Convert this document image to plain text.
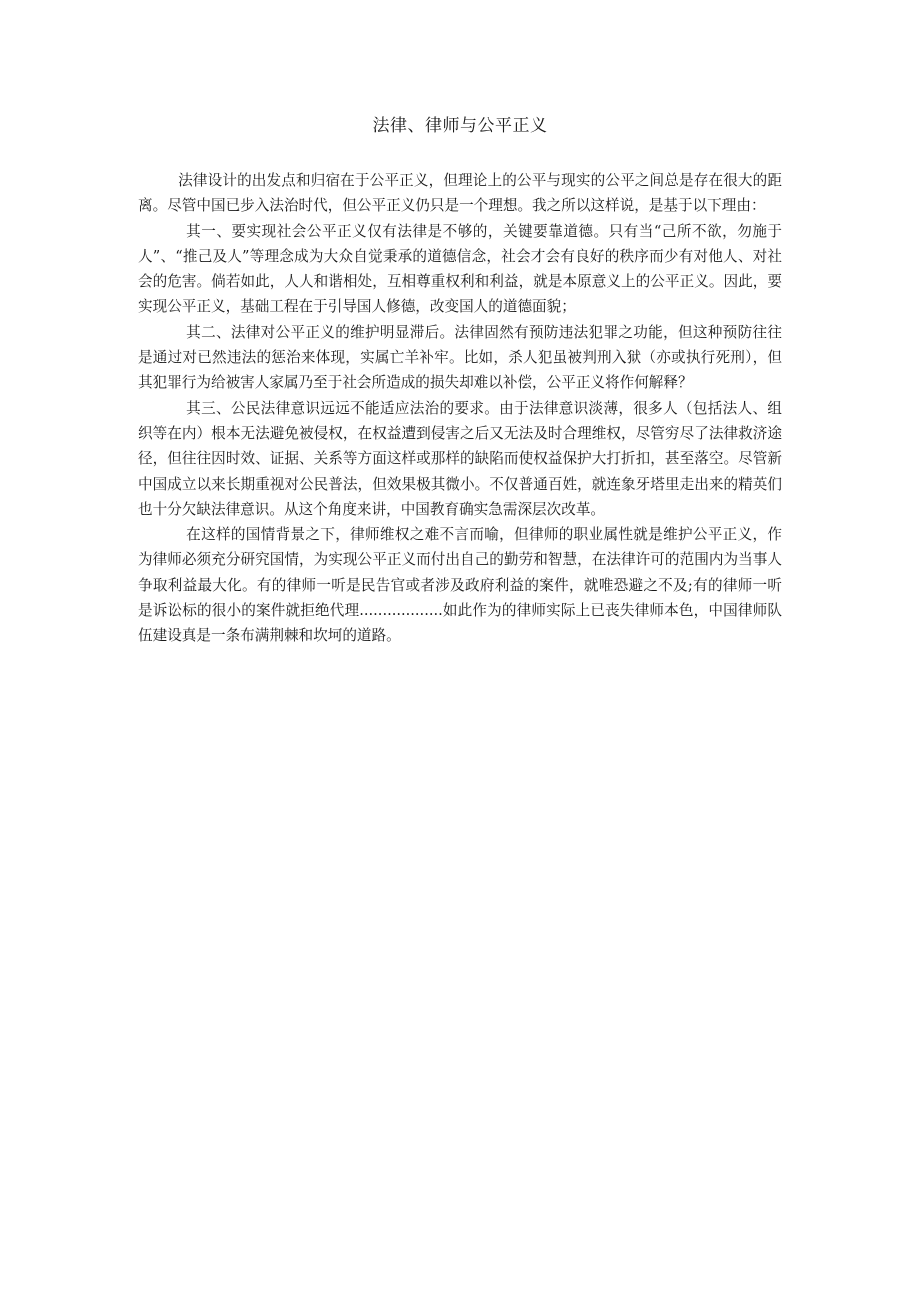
法律、律师与公平正义

法律设计的出发点和归宿在于公平正义，但理论上的公平与现实的公平之间总是存在很大的距离。尽管中国已步入法治时代，但公平正义仍只是一个理想。我之所以这样说，是基于以下理由：

其一、要实现社会公平正义仅有法律是不够的，关键要靠道德。只有当“己所不欲，勿施于人”、“推己及人”等理念成为大众自觉秉承的道德信念，社会才会有良好的秩序而少有对他人、对社会的危害。倘若如此，人人和谐相处，互相尊重权利和利益，就是本原意义上的公平正义。因此，要实现公平正义，基础工程在于引导国人修德，改变国人的道德面貌；

其二、法律对公平正义的维护明显滞后。法律固然有预防违法犯罪之功能，但这种预防往往是通过对已然违法的惩治来体现，实属亡羊补牢。比如，杀人犯虽被判刑入狱（亦或执行死刑），但其犯罪行为给被害人家属乃至于社会所造成的损失却难以补偿，公平正义将作何解释？

其三、公民法律意识远远不能适应法治的要求。由于法律意识淡薄，很多人（包括法人、组织等在内）根本无法避免被侵权，在权益遭到侵害之后又无法及时合理维权，尽管穷尽了法律救济途径，但往往因时效、证据、关系等方面这样或那样的缺陷而使权益保护大打折扣，甚至落空。尽管新中国成立以来长期重视对公民普法，但效果极其微小。不仅普通百姓，就连象牙塔里走出来的精英们也十分欠缺法律意识。从这个角度来讲，中国教育确实急需深层次改革。

在这样的国情背景之下，律师维权之难不言而喻，但律师的职业属性就是维护公平正义，作为律师必须充分研究国情，为实现公平正义而付出自己的勤劳和智慧，在法律许可的范围内为当事人争取利益最大化。有的律师一听是民告官或者涉及政府利益的案件，就唯恐避之不及;有的律师一听是诉讼标的很小的案件就拒绝代理..................如此作为的律师实际上已丧失律师本色，中国律师队伍建设真是一条布满荆棘和坎坷的道路。
